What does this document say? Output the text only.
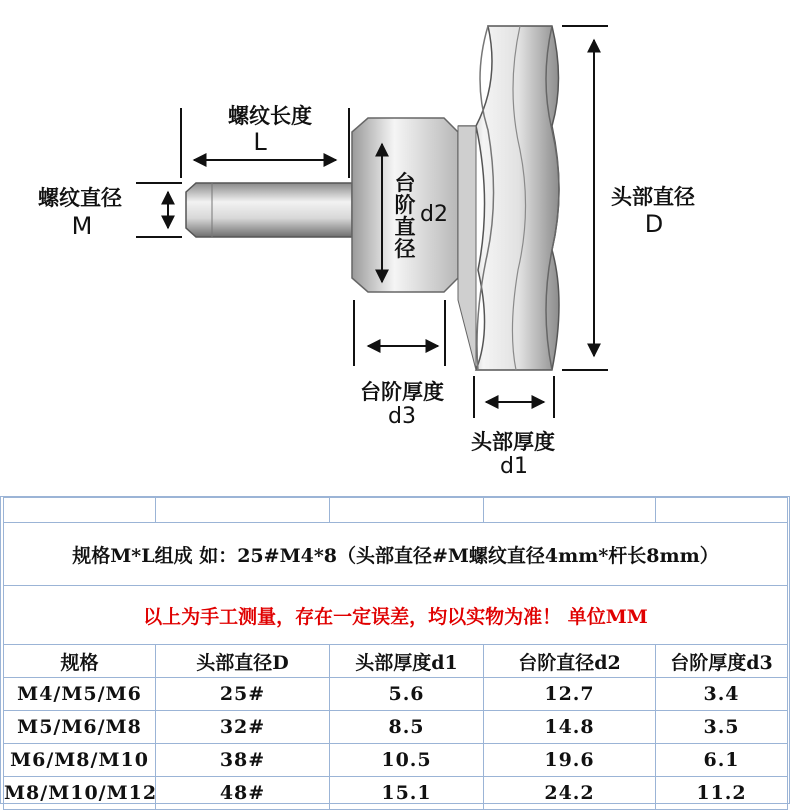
螺纹长度
L
螺纹直径
M
台阶直径
d2
头部直径
D
台阶厚度
d3
头部厚度
d1

规格M*L组成 如：25#M4*8（头部直径#M螺纹直径4mm*杆长8mm）				
以上为手工测量，存在一定误差，均以实物为准！ 单位MM				
规格	头部直径D	头部厚度d1	台阶直径d2	台阶厚度d3
M4/M5/M6	25#	5.6	12.7	3.4
M5/M6/M8	32#	8.5	14.8	3.5
M6/M8/M10	38#	10.5	19.6	6.1
M8/M10/M12	48#	15.1	24.2	11.2
